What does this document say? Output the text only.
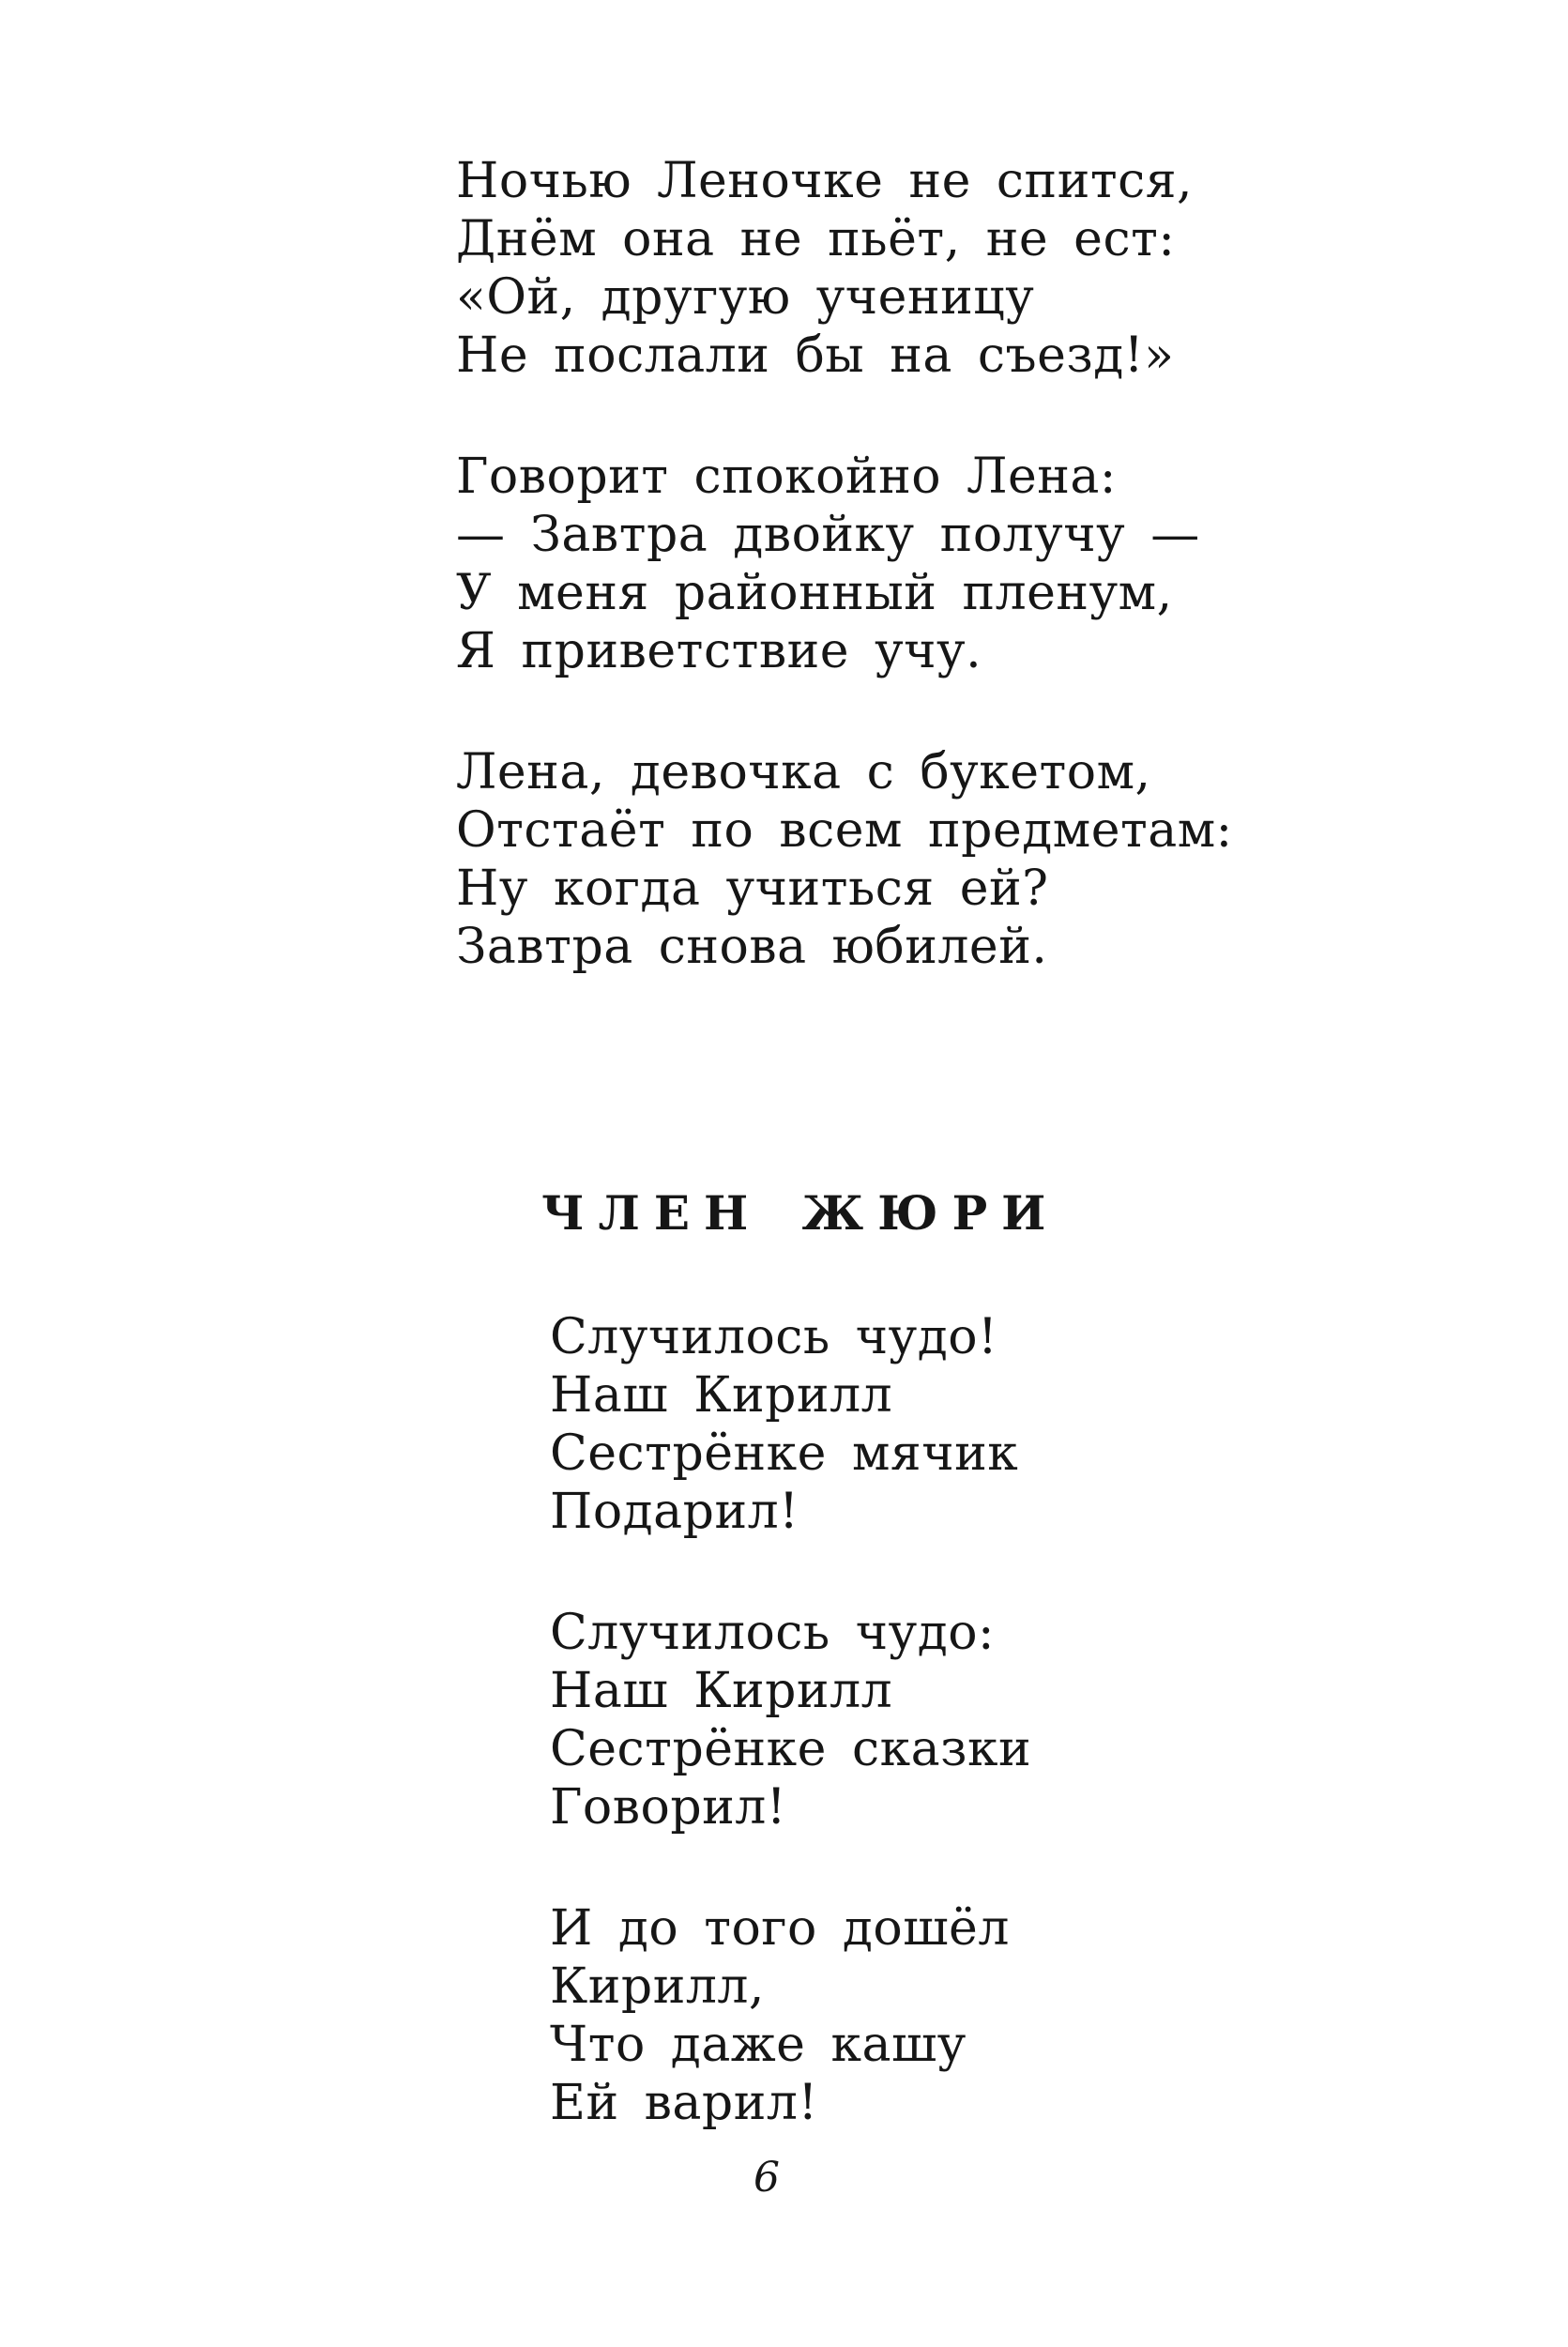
Ночью Леночке не спится,
Днём она не пьёт, не ест:
«Ой, другую ученицу
Не послали бы на съезд!»
Говорит спокойно Лена:
— Завтра двойку получу —
У меня районный пленум,
Я приветствие учу.
Лена, девочка с букетом,
Отстаёт по всем предметам:
Ну когда учиться ей?
Завтра снова юбилей.
ЧЛЕН ЖЮРИ
Случилось чудо!
Наш Кирилл
Сестрёнке мячик
Подарил!
Случилось чудо:
Наш Кирилл
Сестрёнке сказки
Говорил!
И до того дошёл
Кирилл,
Что даже кашу
Ей варил!
6
